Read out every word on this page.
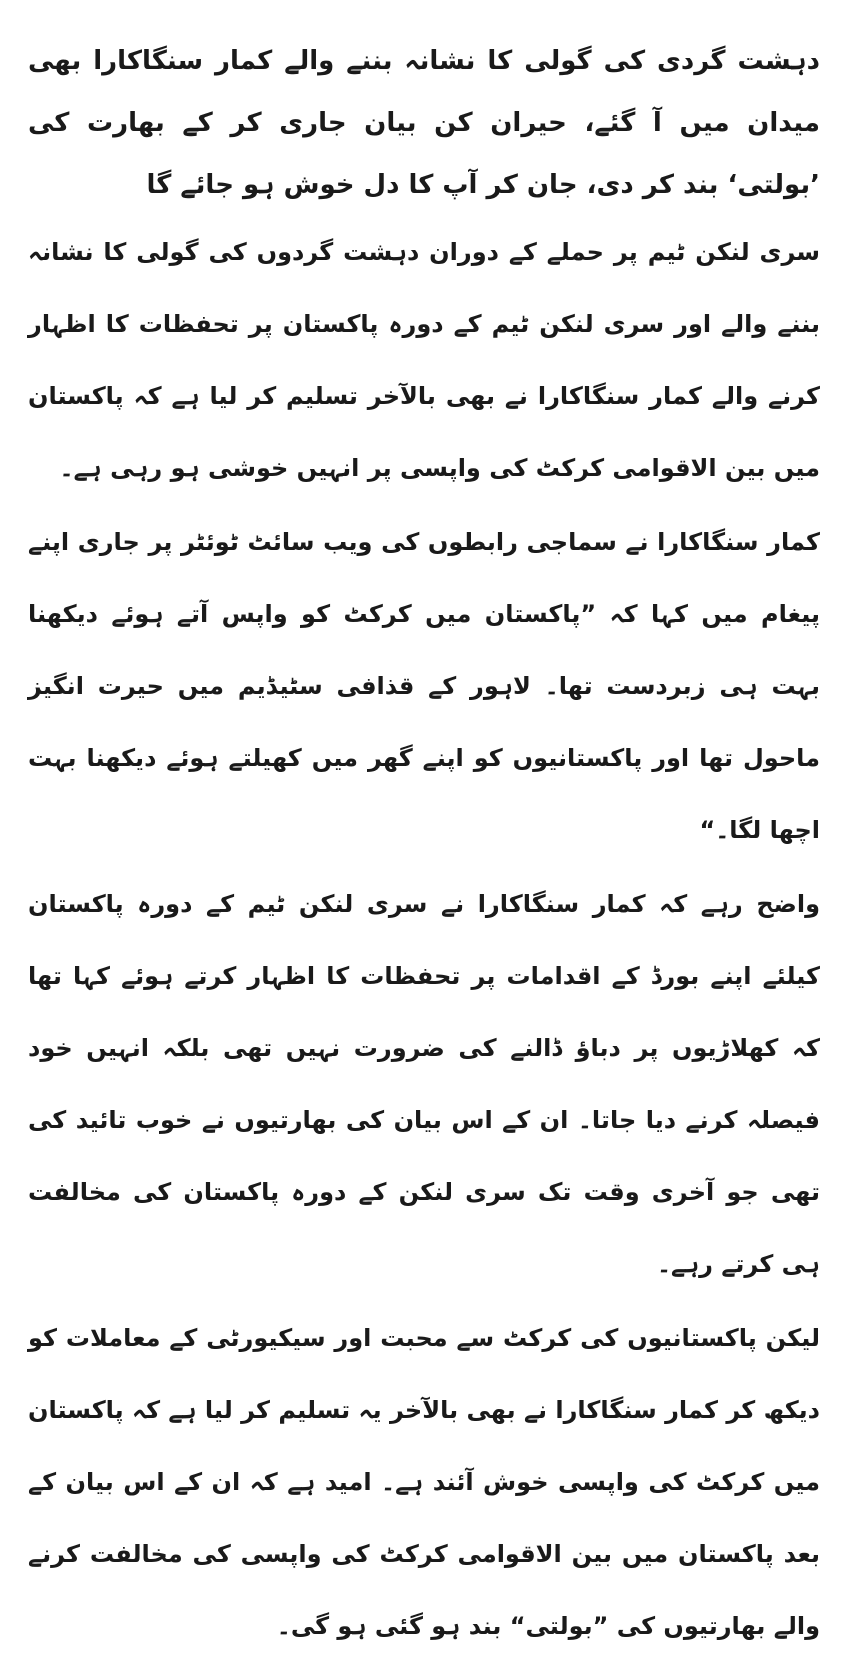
دہشت گردی کی گولی کا نشانہ بننے والے کمار سنگاکارا بھی میدان میں آ گئے، حیران کن بیان جاری کر کے بھارت کی ’بولتی‘ بند کر دی، جان کر آپ کا دل خوش ہو جائے گا

سری لنکن ٹیم پر حملے کے دوران دہشت گردوں کی گولی کا نشانہ بننے والے اور سری لنکن ٹیم کے دورہ پاکستان پر تحفظات کا اظہار کرنے والے کمار سنگاکارا نے بھی بالآخر تسلیم کر لیا ہے کہ پاکستان میں بین الاقوامی کرکٹ کی واپسی پر انہیں خوشی ہو رہی ہے۔

کمار سنگاکارا نے سماجی رابطوں کی ویب سائٹ ٹوئٹر پر جاری اپنے پیغام میں کہا کہ ”پاکستان میں کرکٹ کو واپس آتے ہوئے دیکھنا بہت ہی زبردست تھا۔ لاہور کے قذافی سٹیڈیم میں حیرت انگیز ماحول تھا اور پاکستانیوں کو اپنے گھر میں کھیلتے ہوئے دیکھنا بہت اچھا لگا۔“

واضح رہے کہ کمار سنگاکارا نے سری لنکن ٹیم کے دورہ پاکستان کیلئے اپنے بورڈ کے اقدامات پر تحفظات کا اظہار کرتے ہوئے کہا تھا کہ کھلاڑیوں پر دباؤ ڈالنے کی ضرورت نہیں تھی بلکہ انہیں خود فیصلہ کرنے دیا جاتا۔ ان کے اس بیان کی بھارتیوں نے خوب تائید کی تھی جو آخری وقت تک سری لنکن کے دورہ پاکستان کی مخالفت ہی کرتے رہے۔

لیکن پاکستانیوں کی کرکٹ سے محبت اور سیکیورٹی کے معاملات کو دیکھ کر کمار سنگاکارا نے بھی بالآخر یہ تسلیم کر لیا ہے کہ پاکستان میں کرکٹ کی واپسی خوش آئند ہے۔ امید ہے کہ ان کے اس بیان کے بعد پاکستان میں بین الاقوامی کرکٹ کی واپسی کی مخالفت کرنے والے بھارتیوں کی ”بولتی“ بند ہو گئی ہو گی۔
